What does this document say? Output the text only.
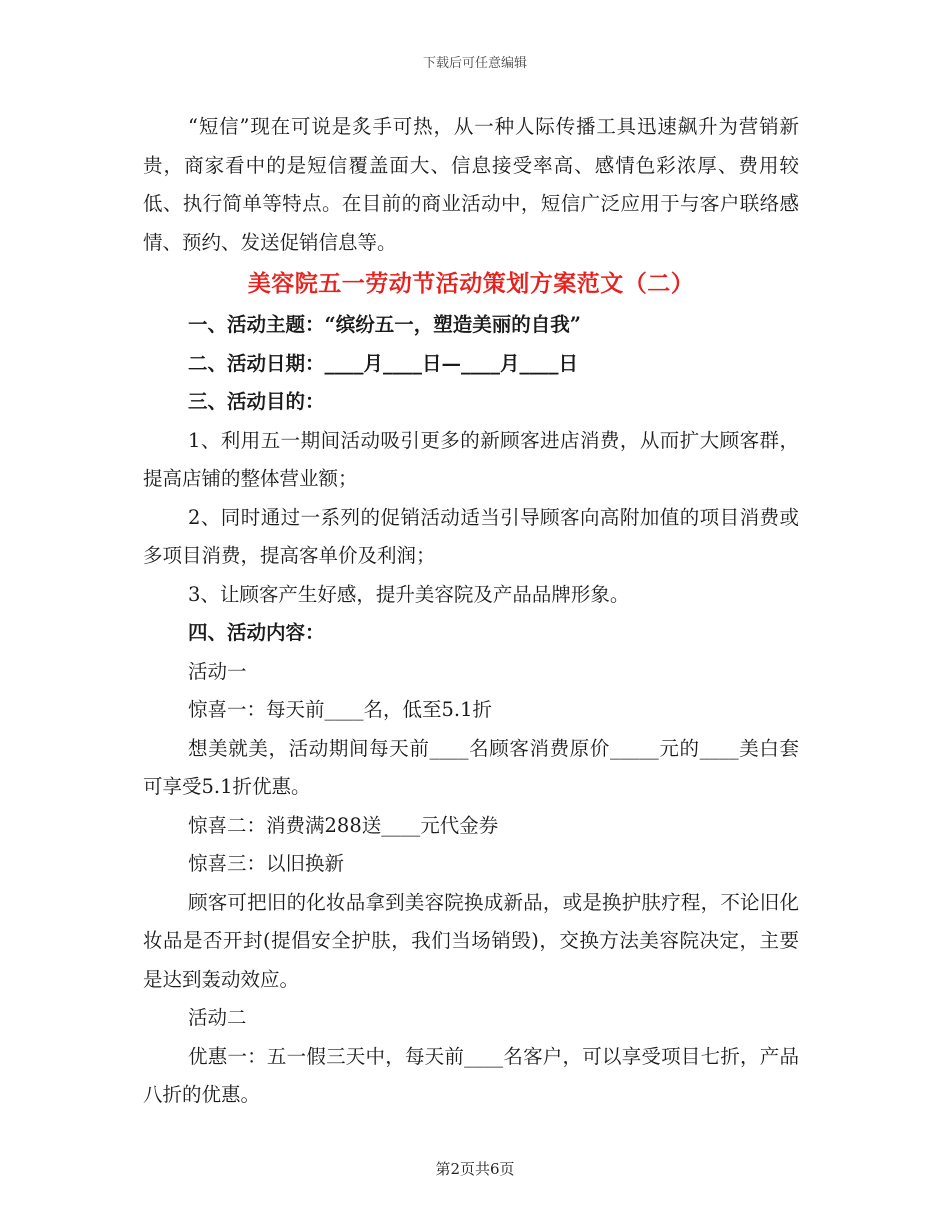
下载后可任意编辑

“短信”现在可说是炙手可热，从一种人际传播工具迅速飙升为营销新贵，商家看中的是短信覆盖面大、信息接受率高、感情色彩浓厚、费用较低、执行简单等特点。在目前的商业活动中，短信广泛应用于与客户联络感情、预约、发送促销信息等。

美容院五一劳动节活动策划方案范文（二）

一、活动主题：“缤纷五一，塑造美丽的自我”

二、活动日期：____月____日—____月____日

三、活动目的：

1、利用五一期间活动吸引更多的新顾客进店消费，从而扩大顾客群，提高店铺的整体营业额；

2、同时通过一系列的促销活动适当引导顾客向高附加值的项目消费或多项目消费，提高客单价及利润；

3、让顾客产生好感，提升美容院及产品品牌形象。

四、活动内容：

活动一

惊喜一：每天前____名，低至5.1折

想美就美，活动期间每天前____名顾客消费原价_____元的____美白套可享受5.1折优惠。

惊喜二：消费满288送____元代金券

惊喜三：以旧换新

顾客可把旧的化妆品拿到美容院换成新品，或是换护肤疗程，不论旧化妆品是否开封(提倡安全护肤，我们当场销毁)，交换方法美容院决定，主要是达到轰动效应。

活动二

优惠一：五一假三天中，每天前____名客户，可以享受项目七折，产品八折的优惠。

第2页共6页
